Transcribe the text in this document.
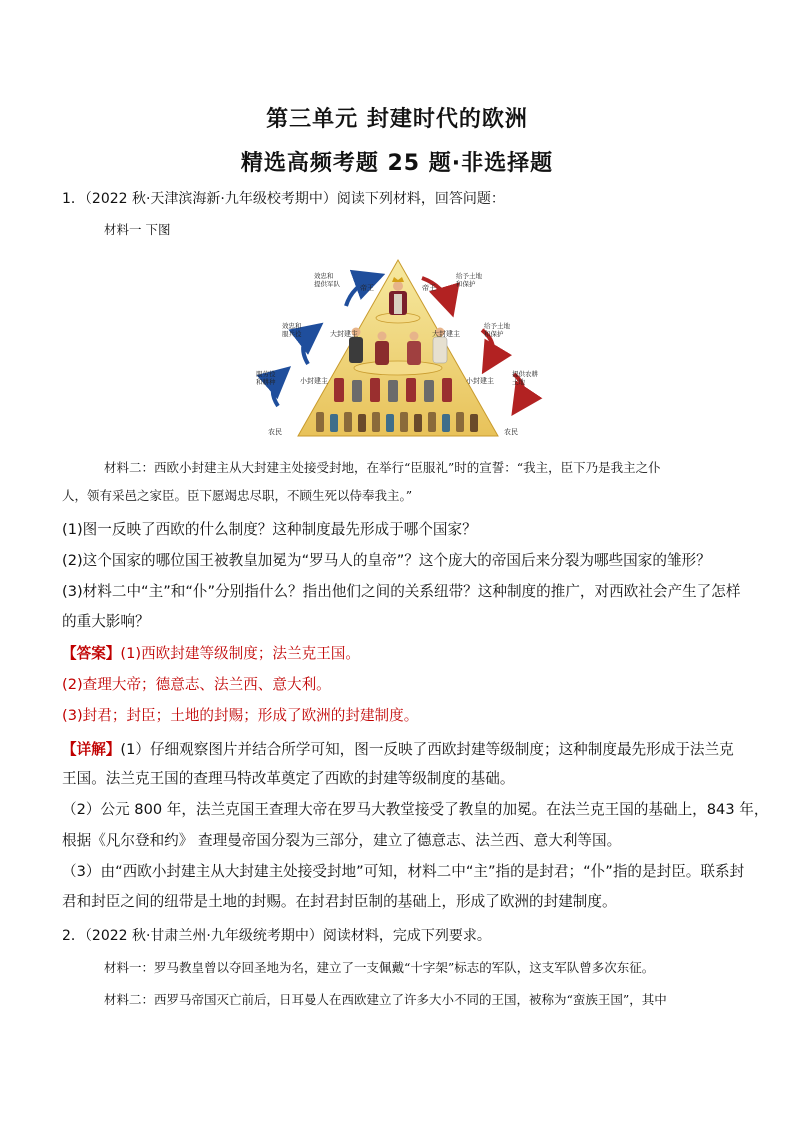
第三单元 封建时代的欧洲
精选高频考题 25 题·非选择题
1．（2022 秋·天津滨海新·九年级校考期中）阅读下列材料，回答问题：
材料一 下图
帝王
大封建主
小封建主
农民
帝王
大封建主
小封建主
农民
效忠和提供军队
效忠和服兵役
服劳役和耕种
给予土地和保护
给予土地和保护
提供农耕土地
材料二：西欧小封建主从大封建主处接受封地，在举行“臣服礼”时的宣誓：“我主，臣下乃是我主之仆
人，领有采邑之家臣。臣下愿竭忠尽职，不顾生死以侍奉我主。”
(1)图一反映了西欧的什么制度？这种制度最先形成于哪个国家？
(2)这个国家的哪位国王被教皇加冕为“罗马人的皇帝”？这个庞大的帝国后来分裂为哪些国家的雏形？
(3)材料二中“主”和“仆”分别指什么？指出他们之间的关系纽带？这种制度的推广，对西欧社会产生了怎样
的重大影响？
【答案】(1)西欧封建等级制度；法兰克王国。
(2)查理大帝；德意志、法兰西、意大利。
(3)封君；封臣；土地的封赐；形成了欧洲的封建制度。
【详解】(1）仔细观察图片并结合所学可知，图一反映了西欧封建等级制度；这种制度最先形成于法兰克
王国。法兰克王国的查理马特改革奠定了西欧的封建等级制度的基础。
（2）公元 800 年，法兰克国王查理大帝在罗马大教堂接受了教皇的加冕。在法兰克王国的基础上，843 年，
根据《凡尔登和约》 查理曼帝国分裂为三部分，建立了德意志、法兰西、意大利等国。
（3）由“西欧小封建主从大封建主处接受封地”可知，材料二中“主”指的是封君；“仆”指的是封臣。联系封
君和封臣之间的纽带是土地的封赐。在封君封臣制的基础上，形成了欧洲的封建制度。
2．（2022 秋·甘肃兰州·九年级统考期中）阅读材料，完成下列要求。
材料一：罗马教皇曾以夺回圣地为名，建立了一支佩戴“十字架”标志的军队，这支军队曾多次东征。
材料二：西罗马帝国灭亡前后，日耳曼人在西欧建立了许多大小不同的王国，被称为“蛮族王国”，其中
